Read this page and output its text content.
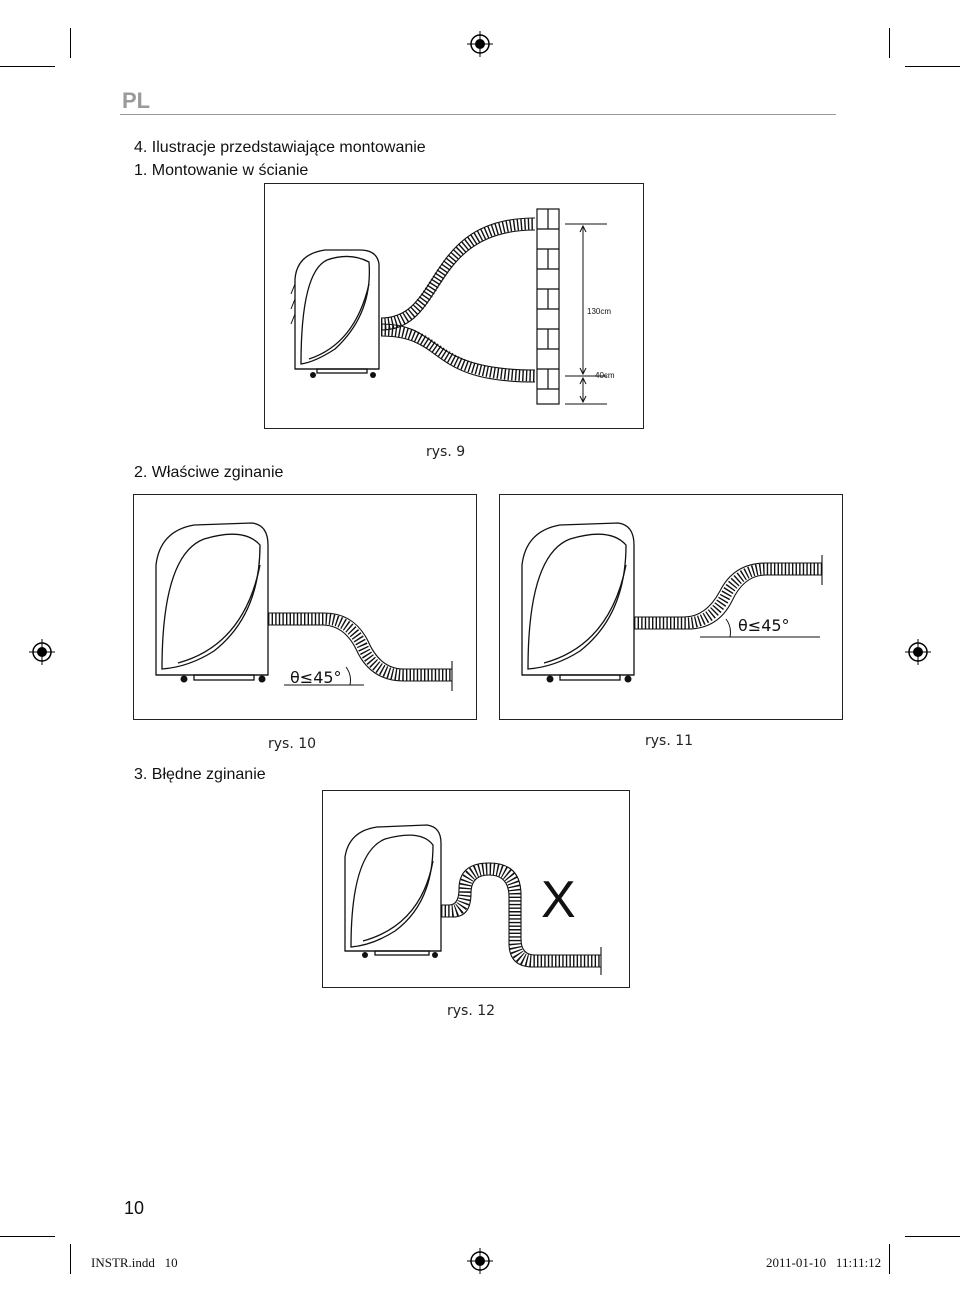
PL
4. Ilustracje przedstawiające montowanie
1. Montowanie w ścianie
130cm
40cm
2. Właściwe zginanie
rys. 9
θ≤45°
θ≤45°
rys. 10	rys. 11
3. Błędne zginanie
X
rys. 12
10
INSTR.indd   10	2011-01-10   11:11:12
